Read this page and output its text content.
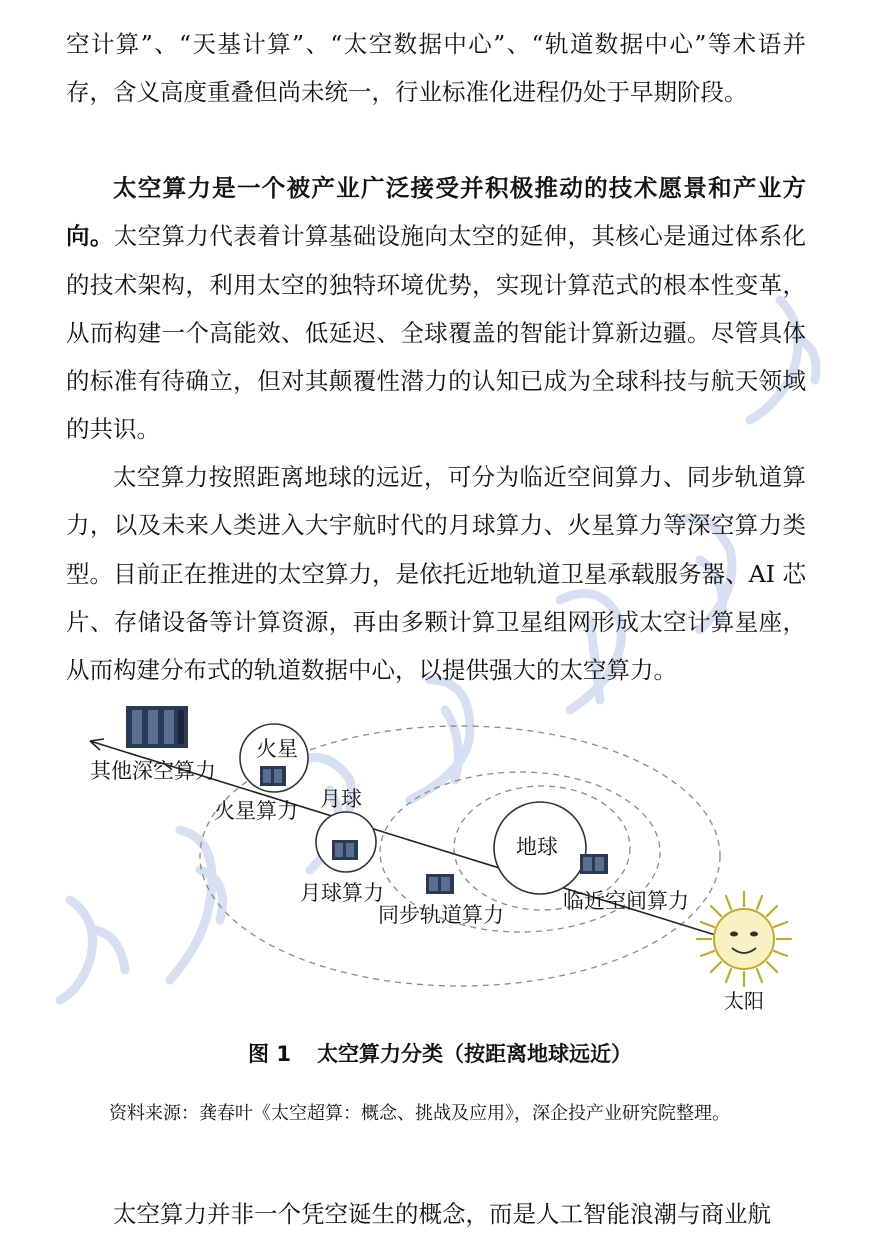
空计算”、“天基计算”、“太空数据中心”、“轨道数据中心”等术语并存，含义高度重叠但尚未统一，行业标准化进程仍处于早期阶段。

太空算力是一个被产业广泛接受并积极推动的技术愿景和产业方向。太空算力代表着计算基础设施向太空的延伸，其核心是通过体系化的技术架构，利用太空的独特环境优势，实现计算范式的根本性变革，从而构建一个高能效、低延迟、全球覆盖的智能计算新边疆。尽管具体的标准有待确立，但对其颠覆性潜力的认知已成为全球科技与航天领域的共识。

太空算力按照距离地球的远近，可分为临近空间算力、同步轨道算力，以及未来人类进入大宇航时代的月球算力、火星算力等深空算力类型。目前正在推进的太空算力，是依托近地轨道卫星承载服务器、AI 芯片、存储设备等计算资源，再由多颗计算卫星组网形成太空计算星座，从而构建分布式的轨道数据中心，以提供强大的太空算力。

火星
其他深空算力
月球
火星算力
地球
月球算力	临近空间算力
同步轨道算力
太阳
图 1 太空算力分类（按距离地球远近）

资料来源：龚春叶《太空超算：概念、挑战及应用》，深企投产业研究院整理。

太空算力并非一个凭空诞生的概念，而是人工智能浪潮与商业航
